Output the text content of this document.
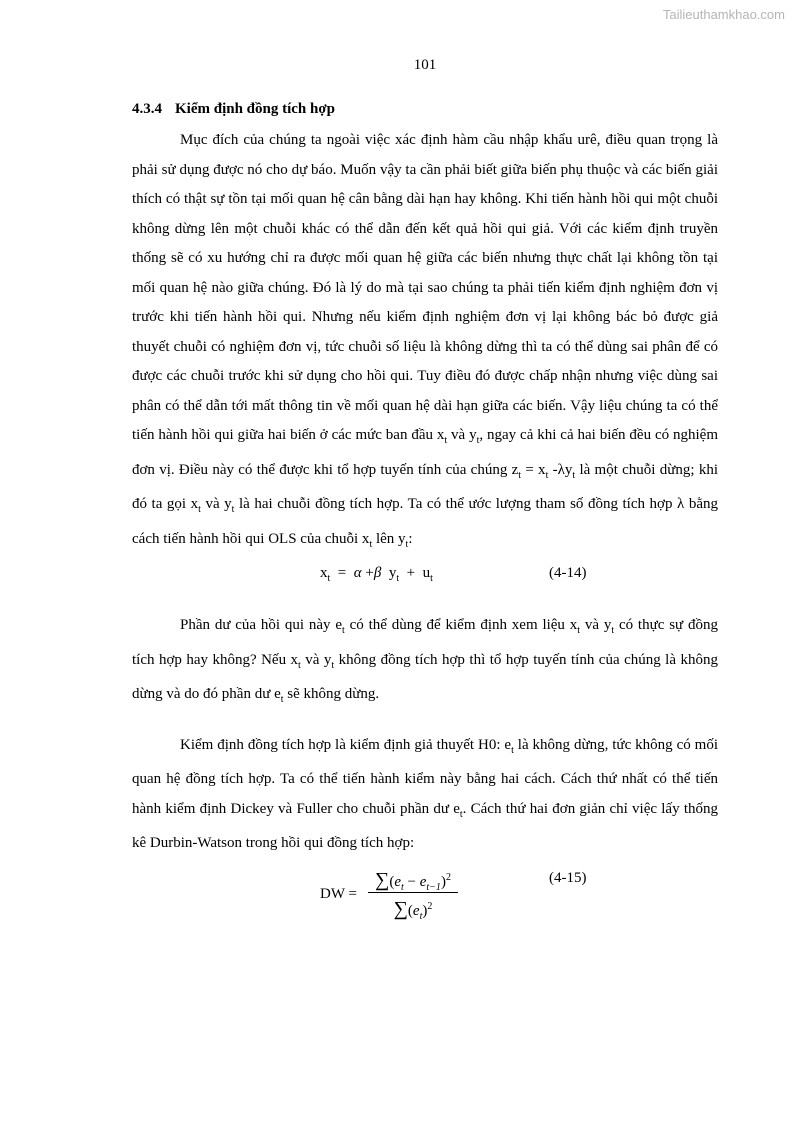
Tailieuthamkhao.com
101
4.3.4 Kiểm định đồng tích hợp

Mục đích của chúng ta ngoài việc xác định hàm cầu nhập khẩu urê, điều quan trọng là phải sử dụng được nó cho dự báo. Muốn vậy ta cần phải biết giữa biến phụ thuộc và các biến giải thích có thật sự tồn tại mối quan hệ cân bằng dài hạn hay không. Khi tiến hành hồi qui một chuỗi không dừng lên một chuỗi khác có thể dẫn đến kết quả hồi qui giả. Với các kiểm định truyền thống sẽ có xu hướng chỉ ra được mối quan hệ giữa các biến nhưng thực chất lại không tồn tại mối quan hệ nào giữa chúng. Đó là lý do mà tại sao chúng ta phải tiến kiểm định nghiệm đơn vị trước khi tiến hành hồi qui. Nhưng nếu kiểm định nghiệm đơn vị lại không bác bỏ được giả thuyết chuỗi có nghiệm đơn vị, tức chuỗi số liệu là không dừng thì ta có thể dùng sai phân để có được các chuỗi trước khi sử dụng cho hồi qui. Tuy điều đó được chấp nhận nhưng việc dùng sai phân có thể dẫn tới mất thông tin về mối quan hệ dài hạn giữa các biến. Vậy liệu chúng ta có thể tiến hành hồi qui giữa hai biến ở các mức ban đầu $x_t$ và $y_t$, ngay cả khi cả hai biến đều có nghiệm đơn vị. Điều này có thể được khi tổ hợp tuyến tính của chúng $z_t = x_t$ $-\lambda y_t$ là một chuỗi dừng; khi đó ta gọi $x_t$ và $y_t$ là hai chuỗi đồng tích hợp. Ta có thể ước lượng tham số đồng tích hợp λ bằng cách tiến hành hồi qui OLS của chuỗi $x_t$ lên $y_t$:

$x_t = \alpha +\beta$ $y_t + u_t$	(4-14)

Phần dư của hồi qui này $e_t$ có thể dùng để kiểm định xem liệu $x_t$ và $y_t$ có thực sự đồng tích hợp hay không? Nếu $x_t$ và $y_t$ không đồng tích hợp thì tổ hợp tuyến tính của chúng là không dừng và do đó phần dư $e_t$ sẽ không dừng.

Kiểm định đồng tích hợp là kiểm định giả thuyết H0: $e_t$ là không dừng, tức không có mối quan hệ đồng tích hợp. Ta có thể tiến hành kiểm này bằng hai cách. Cách thứ nhất có thể tiến hành kiểm định Dickey và Fuller cho chuỗi phần dư $e_t$. Cách thứ hai đơn giản chỉ việc lấy thống kê Durbin-Watson trong hồi qui đồng tích hợp:

DW =
$\sum(e_t - e_{t-1})^2$
$\sum(e_t)^2$
(4-15)
